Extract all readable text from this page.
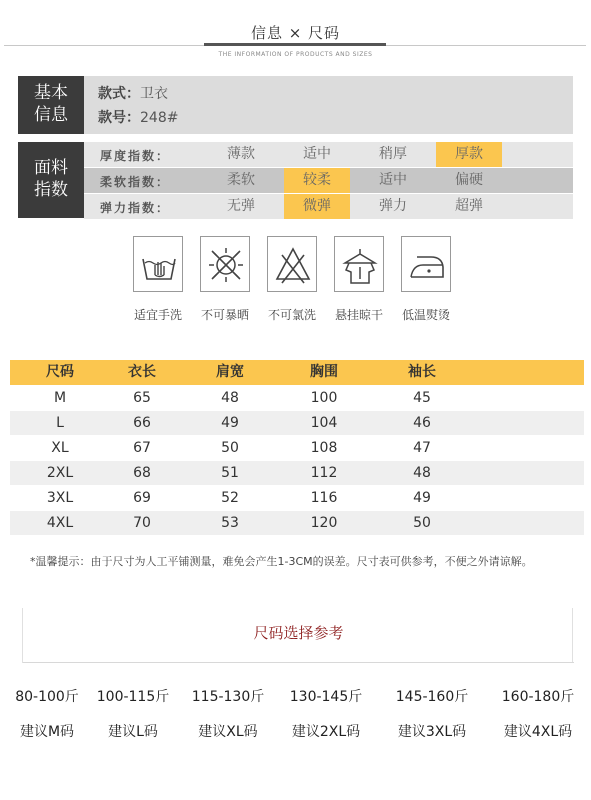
信息 × 尺码
THE INFORMATION OF PRODUCTS AND SIZES
基本
信息
款式：卫衣
款号：248#
面料
指数
厚度指数：	薄款	适中	稍厚	厚款
柔软指数：	柔软	较柔	适中	偏硬
弹力指数：	无弹	微弹	弹力	超弹
适宜手洗	不可暴晒	不可氯洗	悬挂晾干	低温熨烫
尺码	衣长	肩宽	胸围	袖长
M	65	48	100	45
L	66	49	104	46
XL	67	50	108	47
2XL	68	51	112	48
3XL	69	52	116	49
4XL	70	53	120	50
*温馨提示：由于尺寸为人工平铺测量，难免会产生1-3CM的误差。尺寸表可供参考，不便之外请谅解。
尺码选择参考
80-100斤	100-115斤 115-130斤 130-145斤 145-160斤 160-180斤
建议M码	建议L码	建议XL码	建议2XL码	建议3XL码	建议4XL码
